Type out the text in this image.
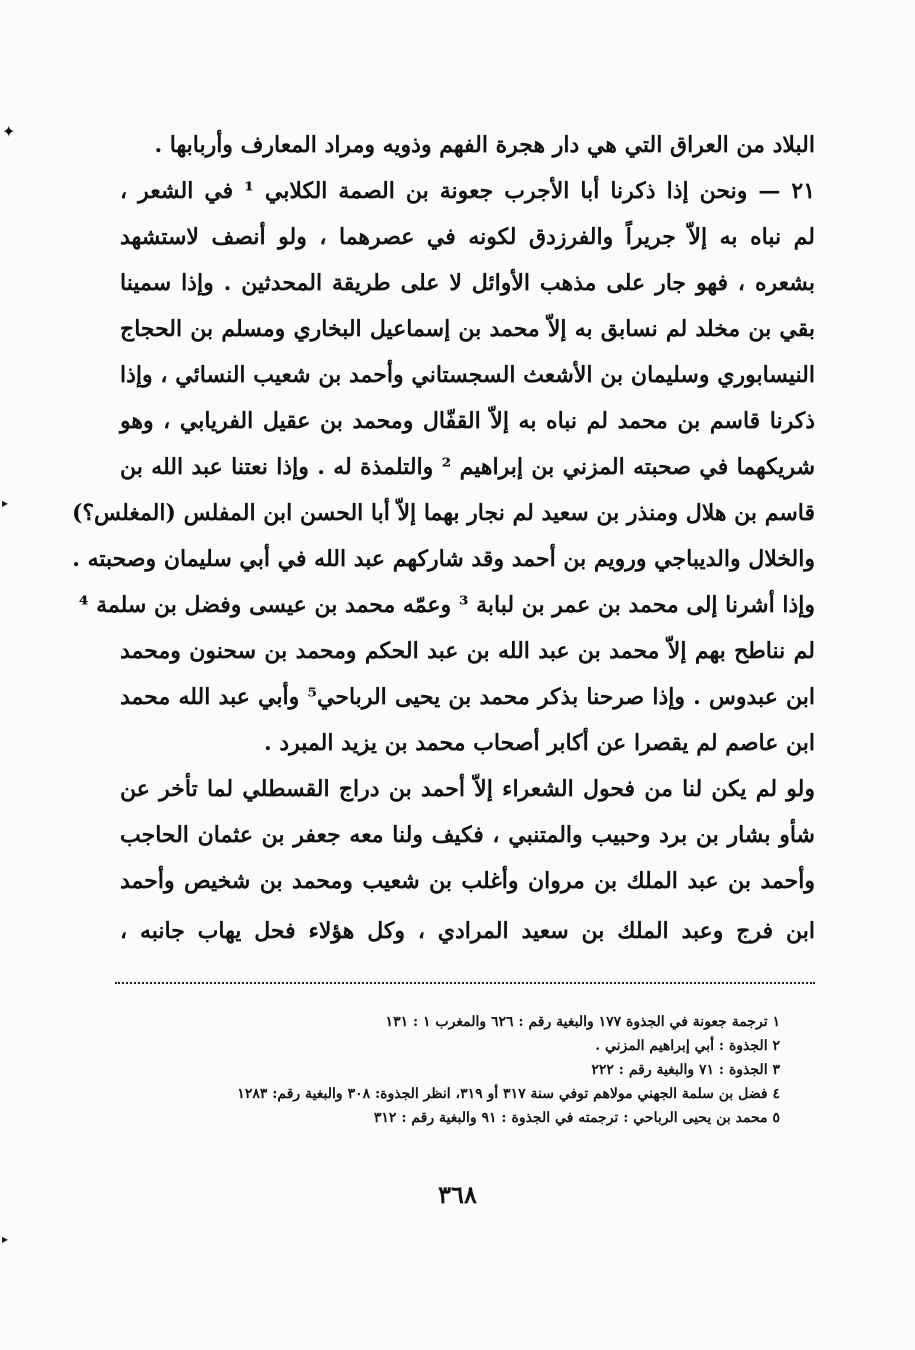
✦
▸
▸
البلاد من العراق التي هي دار هجرة الفهم وذويه ومراد المعارف وأربابها .
٢١ — ونحن إذا ذكرنا أبا الأجرب جعونة بن الصمة الكلابي ¹ في الشعر ،
لم نباه به إلاّ جريراً والفرزدق لكونه في عصرهما ، ولو أنصف لاستشهد
بشعره ، فهو جار على مذهب الأوائل لا على طريقة المحدثين . وإذا سمينا
بقي بن مخلد لم نسابق به إلاّ محمد بن إسماعيل البخاري ومسلم بن الحجاج
النيسابوري وسليمان بن الأشعث السجستاني وأحمد بن شعيب النسائي ، وإذا
ذكرنا قاسم بن محمد لم نباه به إلاّ القفّال ومحمد بن عقيل الفريابي ، وهو
شريكهما في صحبته المزني بن إبراهيم ² والتلمذة له . وإذا نعتنا عبد الله بن
قاسم بن هلال ومنذر بن سعيد لم نجار بهما إلاّ أبا الحسن ابن المفلس (المغلس؟)
والخلال والديباجي ورويم بن أحمد وقد شاركهم عبد الله في أبي سليمان وصحبته .
وإذا أشرنا إلى محمد بن عمر بن لبابة ³ وعمّه محمد بن عيسى وفضل بن سلمة ⁴
لم نناطح بهم إلاّ محمد بن عبد الله بن عبد الحكم ومحمد بن سحنون ومحمد
ابن عبدوس . وإذا صرحنا بذكر محمد بن يحيى الرباحي⁵ وأبي عبد الله محمد
ابن عاصم لم يقصرا عن أكابر أصحاب محمد بن يزيد المبرد .
ولو لم يكن لنا من فحول الشعراء إلاّ أحمد بن دراج القسطلي لما تأخر عن
شأو بشار بن برد وحبيب والمتنبي ، فكيف ولنا معه جعفر بن عثمان الحاجب
وأحمد بن عبد الملك بن مروان وأغلب بن شعيب ومحمد بن شخيص وأحمد
ابن فرج وعبد الملك بن سعيد المرادي ، وكل هؤلاء فحل يهاب جانبه ،
١ ترجمة جعونة في الجذوة ١٧٧ والبغية رقم : ٦٢٦ والمغرب ١ : ١٣١
٢ الجذوة : أبي إبراهيم المزني .
٣ الجذوة : ٧١ والبغية رقم : ٢٢٢
٤ فضل بن سلمة الجهني مولاهم توفي سنة ٣١٧ أو ٣١٩، انظر الجذوة: ٣٠٨ والبغية رقم: ١٢٨٣
٥ محمد بن يحيى الرباحي : ترجمته في الجذوة : ٩١ والبغية رقم : ٣١٢
٣٦٨
